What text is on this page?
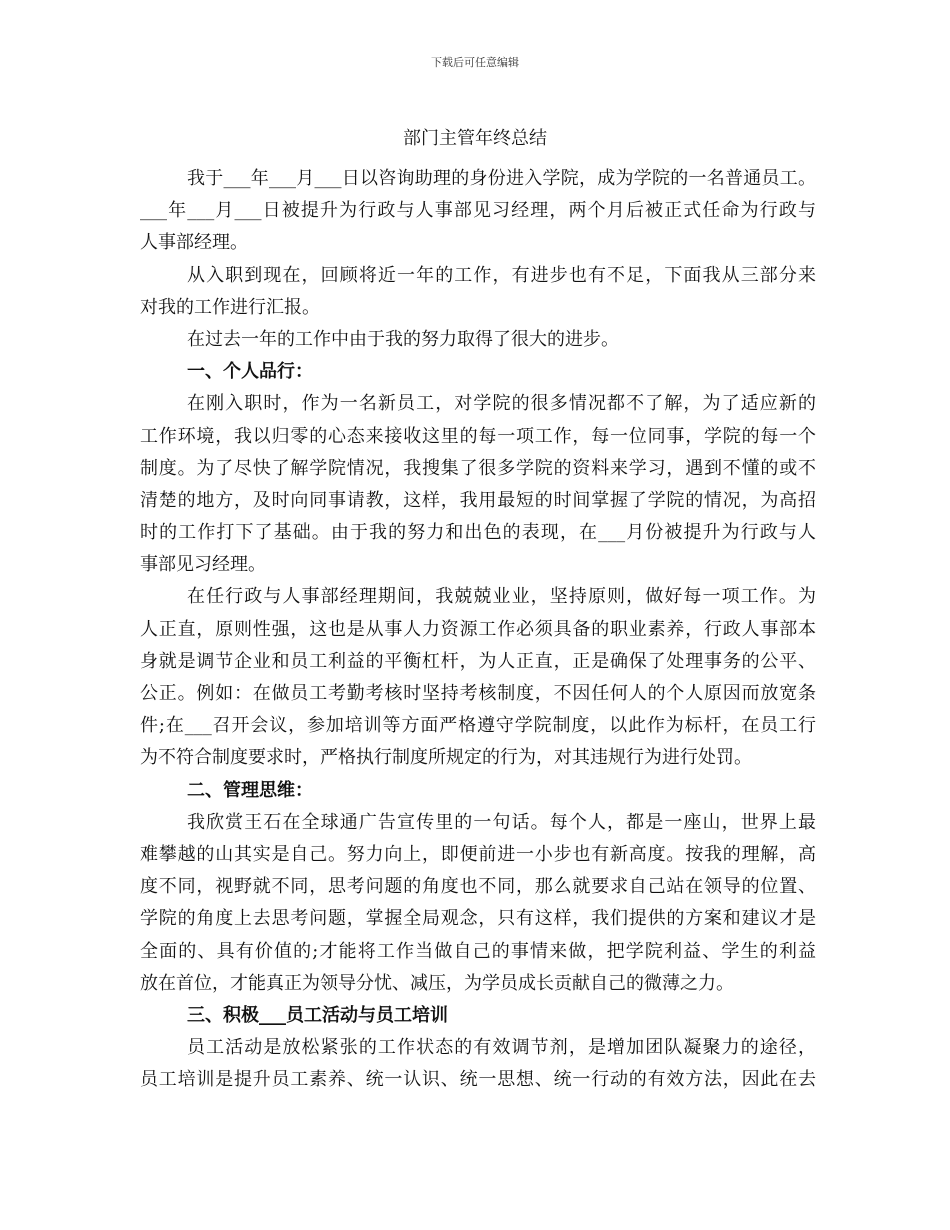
下载后可任意编辑
部门主管年终总结
我于___年___月___日以咨询助理的身份进入学院，成为学院的一名普通员工。
___年___月___日被提升为行政与人事部见习经理，两个月后被正式任命为行政与
人事部经理。
从入职到现在，回顾将近一年的工作，有进步也有不足，下面我从三部分来
对我的工作进行汇报。
在过去一年的工作中由于我的努力取得了很大的进步。
一、个人品行：
在刚入职时，作为一名新员工，对学院的很多情况都不了解，为了适应新的
工作环境，我以归零的心态来接收这里的每一项工作，每一位同事，学院的每一个
制度。为了尽快了解学院情况，我搜集了很多学院的资料来学习，遇到不懂的或不
清楚的地方，及时向同事请教，这样，我用最短的时间掌握了学院的情况，为高招
时的工作打下了基础。由于我的努力和出色的表现，在___月份被提升为行政与人
事部见习经理。
在任行政与人事部经理期间，我兢兢业业，坚持原则，做好每一项工作。为
人正直，原则性强，这也是从事人力资源工作必须具备的职业素养，行政人事部本
身就是调节企业和员工利益的平衡杠杆，为人正直，正是确保了处理事务的公平、
公正。例如：在做员工考勤考核时坚持考核制度，不因任何人的个人原因而放宽条
件;在___召开会议，参加培训等方面严格遵守学院制度，以此作为标杆，在员工行
为不符合制度要求时，严格执行制度所规定的行为，对其违规行为进行处罚。
二、管理思维：
我欣赏王石在全球通广告宣传里的一句话。每个人，都是一座山，世界上最
难攀越的山其实是自己。努力向上，即便前进一小步也有新高度。按我的理解，高
度不同，视野就不同，思考问题的角度也不同，那么就要求自己站在领导的位置、
学院的角度上去思考问题，掌握全局观念，只有这样，我们提供的方案和建议才是
全面的、具有价值的;才能将工作当做自己的事情来做，把学院利益、学生的利益
放在首位，才能真正为领导分忧、减压，为学员成长贡献自己的微薄之力。
三、积极___员工活动与员工培训
员工活动是放松紧张的工作状态的有效调节剂，是增加团队凝聚力的途径，
员工培训是提升员工素养、统一认识、统一思想、统一行动的有效方法，因此在去
